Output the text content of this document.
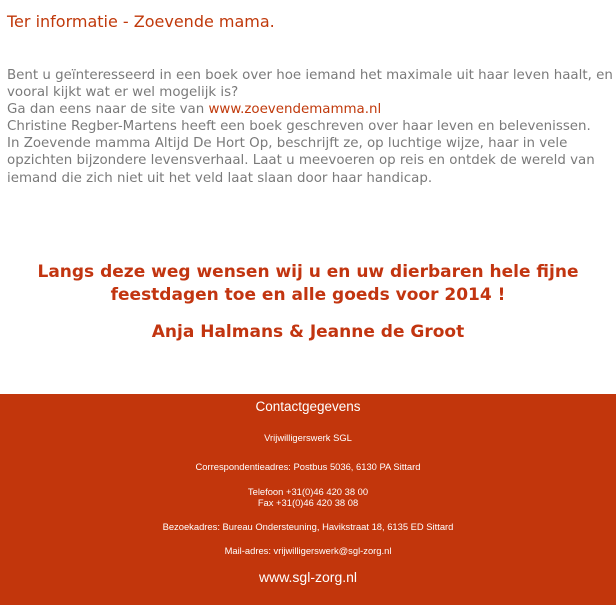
Ter informatie - Zoevende mama.

Bent u geïnteresseerd in een boek over hoe iemand het maximale uit haar leven haalt, en vooral kijkt wat er wel mogelijk is?

Ga dan eens naar de site van www.zoevendemamma.nl

Christine Regber-Martens heeft een boek geschreven over haar leven en belevenissen.

In Zoevende mamma Altijd De Hort Op, beschrijft ze, op luchtige wijze, haar in vele opzichten bijzondere levensverhaal. Laat u meevoeren op reis en ontdek de wereld van iemand die zich niet uit het veld laat slaan door haar handicap.

Langs deze weg wensen wij u en uw dierbaren hele fijne
feestdagen toe en alle goeds voor 2014 !
Anja Halmans & Jeanne de Groot
Contactgegevens
Vrijwilligerswerk SGL
Correspondentieadres: Postbus 5036, 6130 PA Sittard
Telefoon +31(0)46 420 38 00
Fax +31(0)46 420 38 08
Bezoekadres: Bureau Ondersteuning, Havikstraat 18, 6135 ED Sittard
Mail-adres: vrijwilligerswerk@sgl-zorg.nl
www.sgl-zorg.nl
